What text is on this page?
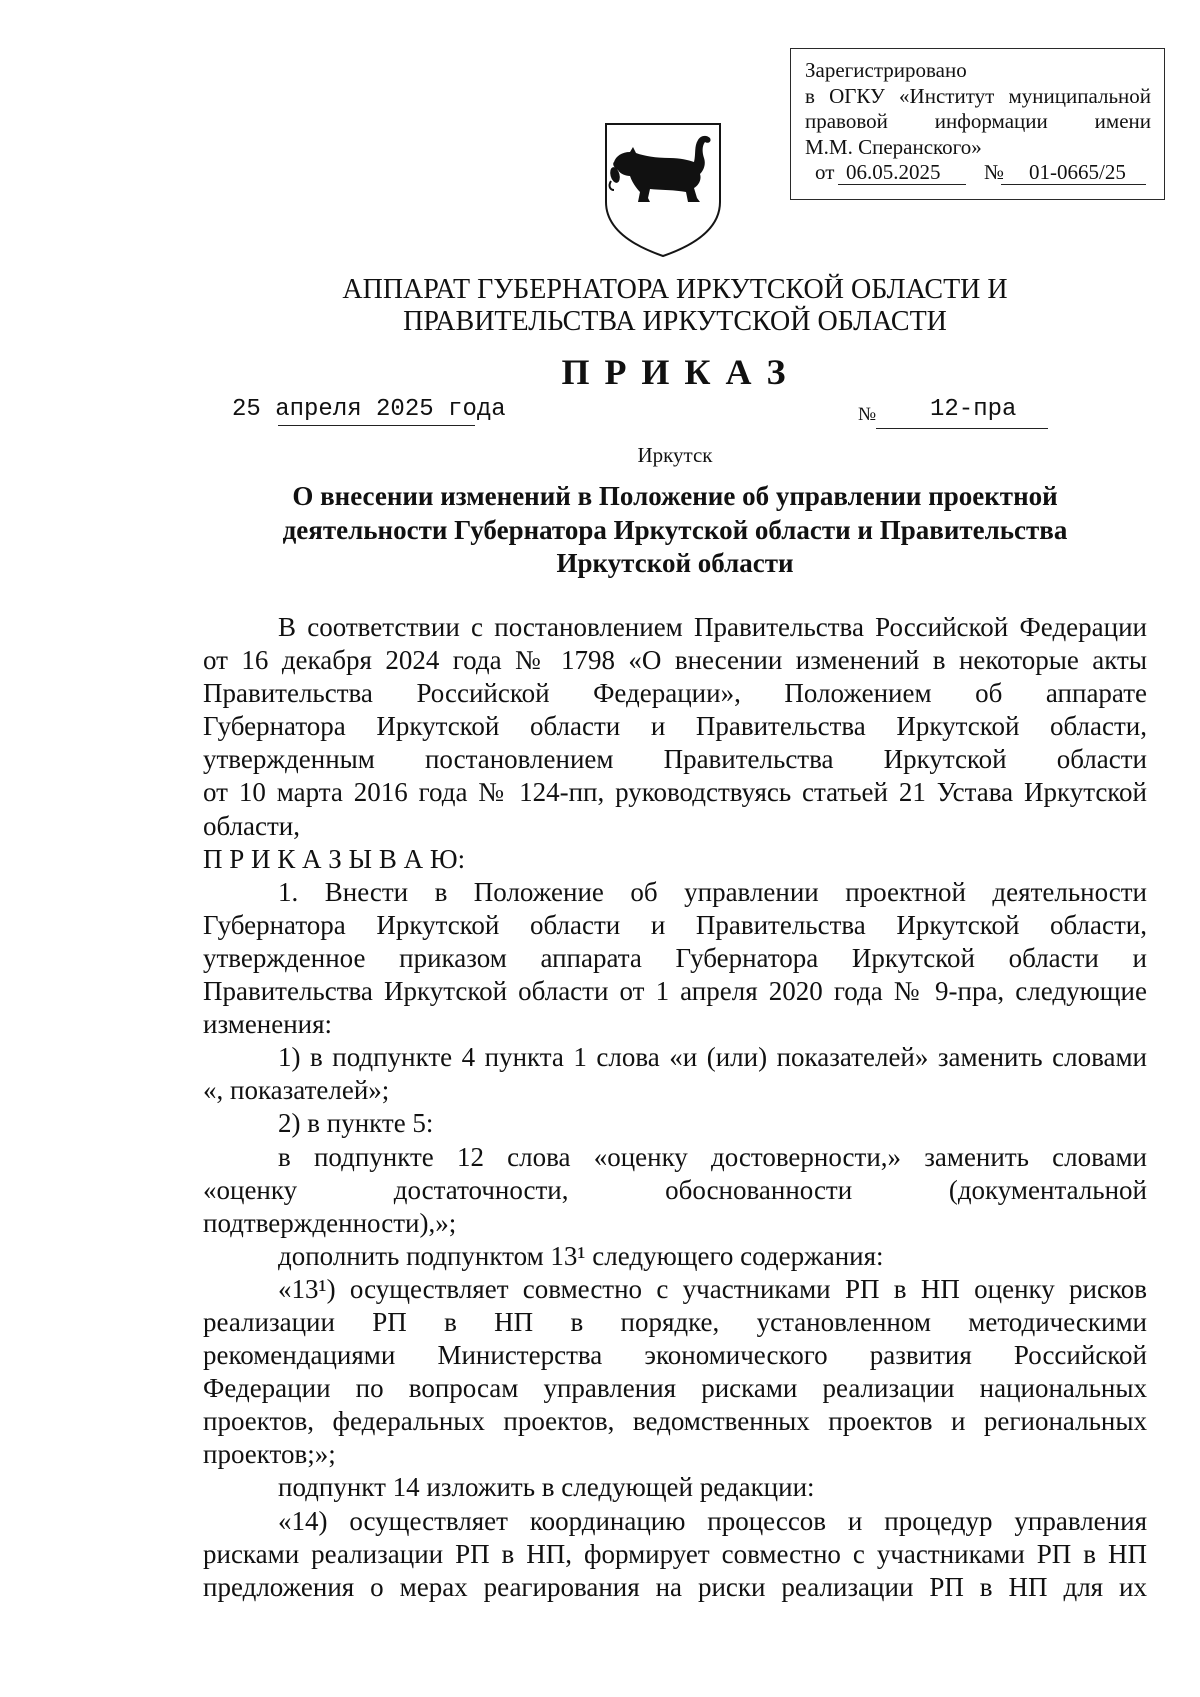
Зарегистрировано
в ОГКУ «Институт муниципальной
правовой информации имени
М.М. Сперанского»
от 06.05.2025	№	01-0665/25
АППАРАТ ГУБЕРНАТОРА ИРКУТСКОЙ ОБЛАСТИ И
ПРАВИТЕЛЬСТВА ИРКУТСКОЙ ОБЛАСТИ
П Р И К А З
25 апреля 2025 года	№ 12-пра
Иркутск
О внесении изменений в Положение об управлении проектной
деятельности Губернатора Иркутской области и Правительства
Иркутской области
В соответствии с постановлением Правительства Российской Федерации
от 16 декабря 2024 года № 1798 «О внесении изменений в некоторые акты
Правительства Российской Федерации», Положением об аппарате
Губернатора Иркутской области и Правительства Иркутской области,
утвержденным постановлением Правительства Иркутской области
от 10 марта 2016 года № 124-пп, руководствуясь статьей 21 Устава Иркутской
области,
П Р И К А З Ы В А Ю:
1. Внести в Положение об управлении проектной деятельности
Губернатора Иркутской области и Правительства Иркутской области,
утвержденное приказом аппарата Губернатора Иркутской области и
Правительства Иркутской области от 1 апреля 2020 года № 9-пра, следующие
изменения:
1) в подпункте 4 пункта 1 слова «и (или) показателей» заменить словами
«, показателей»;
2) в пункте 5:
в подпункте 12 слова «оценку достоверности,» заменить словами
«оценку достаточности, обоснованности (документальной
подтвержденности),»;
дополнить подпунктом 13¹ следующего содержания:
«13¹) осуществляет совместно с участниками РП в НП оценку рисков
реализации РП в НП в порядке, установленном методическими
рекомендациями Министерства экономического развития Российской
Федерации по вопросам управления рисками реализации национальных
проектов, федеральных проектов, ведомственных проектов и региональных
проектов;»;
подпункт 14 изложить в следующей редакции:
«14) осуществляет координацию процессов и процедур управления
рисками реализации РП в НП, формирует совместно с участниками РП в НП
предложения о мерах реагирования на риски реализации РП в НП для их
